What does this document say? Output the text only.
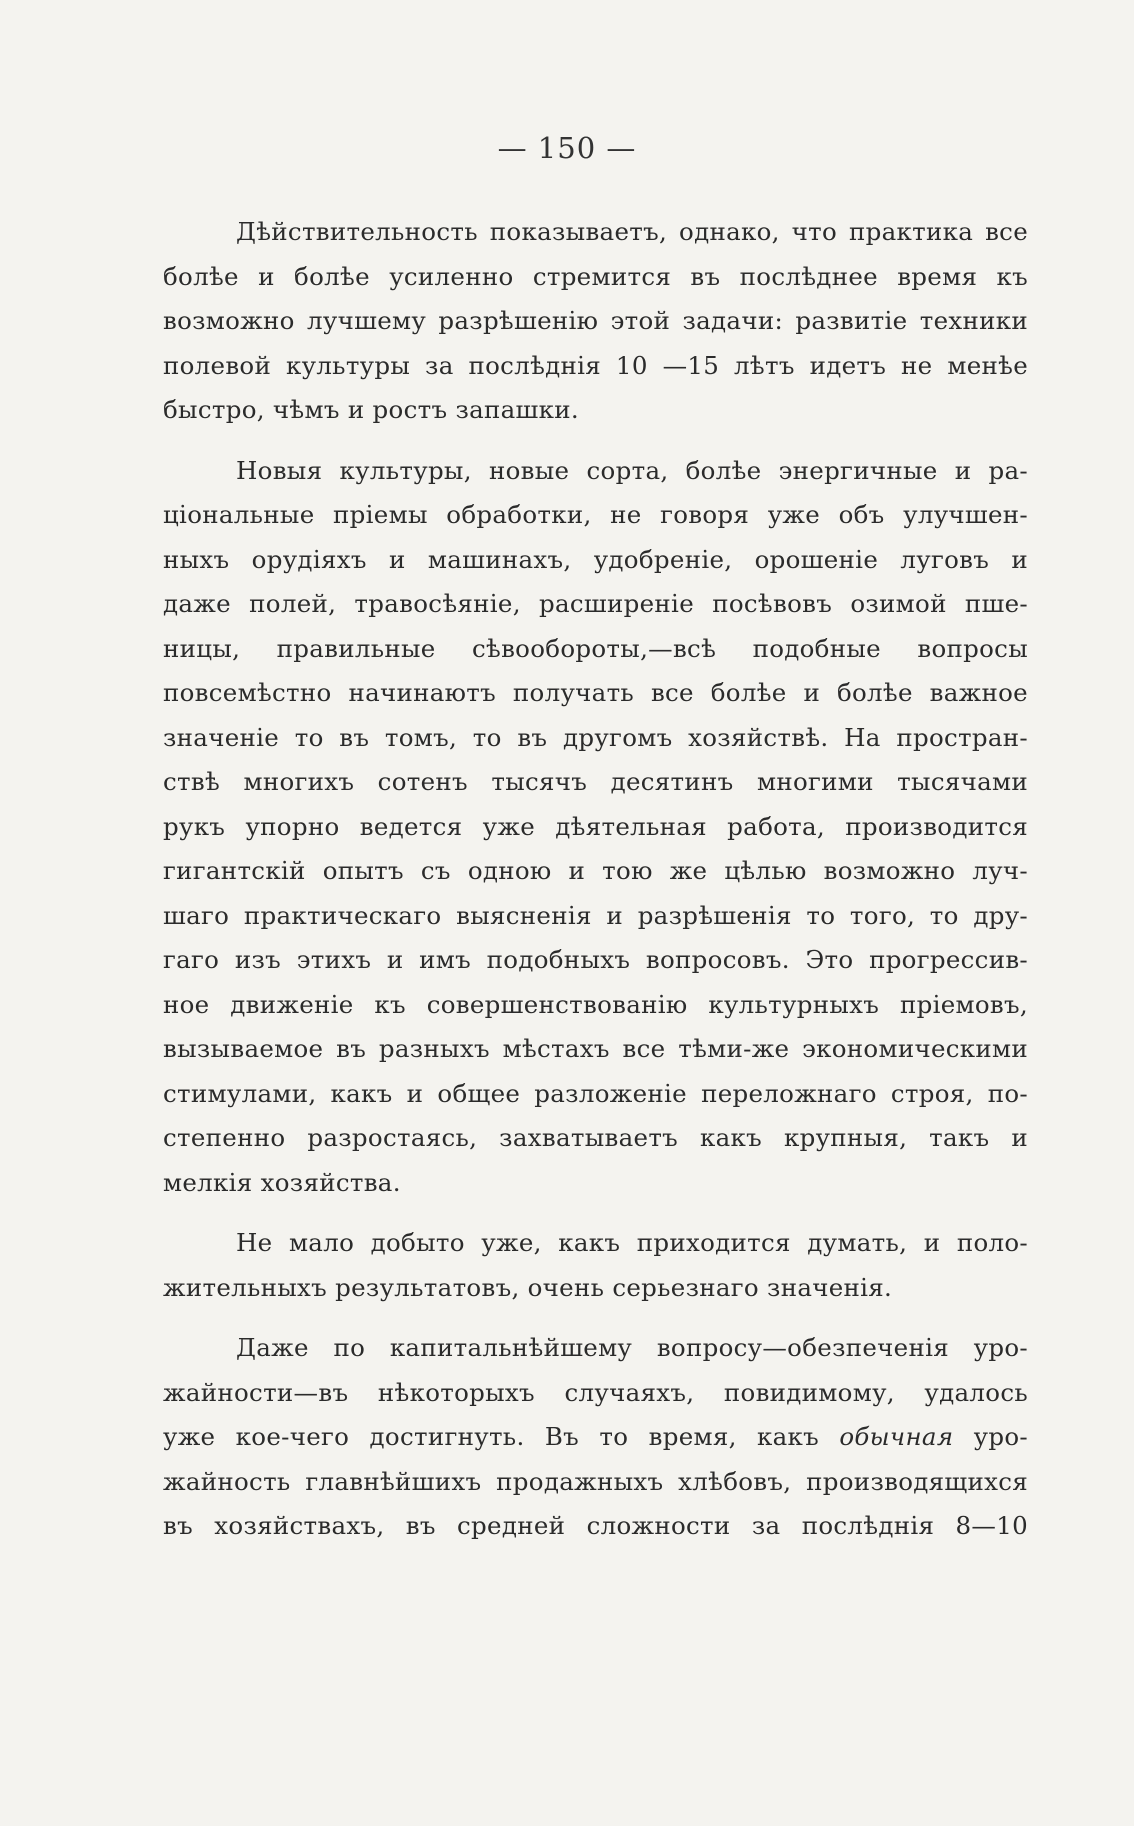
— 150 —

Дѣйствительность показываетъ, однако, что практика все
болѣе и болѣе усиленно стремится въ послѣднее время къ
возможно лучшему разрѣшенію этой задачи: развитіе техники
полевой культуры за послѣднія 10 —15 лѣтъ идетъ не менѣе
быстро, чѣмъ и ростъ запашки.

Новыя культуры, новые сорта, болѣе энергичные и ра-
ціональные пріемы обработки, не говоря уже объ улучшен-
ныхъ орудіяхъ и машинахъ, удобреніе, орошеніе луговъ и
даже полей, травосѣяніе, расширеніе посѣвовъ озимой пше-
ницы, правильные сѣвообороты,—всѣ подобные вопросы
повсемѣстно начинаютъ получать все болѣе и болѣе важное
значеніе то въ томъ, то въ другомъ хозяйствѣ. На простран-
ствѣ многихъ сотенъ тысячъ десятинъ многими тысячами
рукъ упорно ведется уже дѣятельная работа, производится
гигантскій опытъ съ одною и тою же цѣлью возможно луч-
шаго практическаго выясненія и разрѣшенія то того, то дру-
гаго изъ этихъ и имъ подобныхъ вопросовъ. Это прогрессив-
ное движеніе къ совершенствованію культурныхъ пріемовъ,
вызываемое въ разныхъ мѣстахъ все тѣми-же экономическими
стимулами, какъ и общее разложеніе переложнаго строя, по-
степенно разростаясь, захватываетъ какъ крупныя, такъ и
мелкія хозяйства.

Не мало добыто уже, какъ приходится думать, и поло-
жительныхъ результатовъ, очень серьезнаго значенія.

Даже по капитальнѣйшему вопросу—обезпеченія уро-
жайности—въ нѣкоторыхъ случаяхъ, повидимому, удалось
уже кое-чего достигнуть. Въ то время, какъ обычная уро-
жайность главнѣйшихъ продажныхъ хлѣбовъ, производящихся
въ хозяйствахъ, въ средней сложности за послѣднія 8—10
